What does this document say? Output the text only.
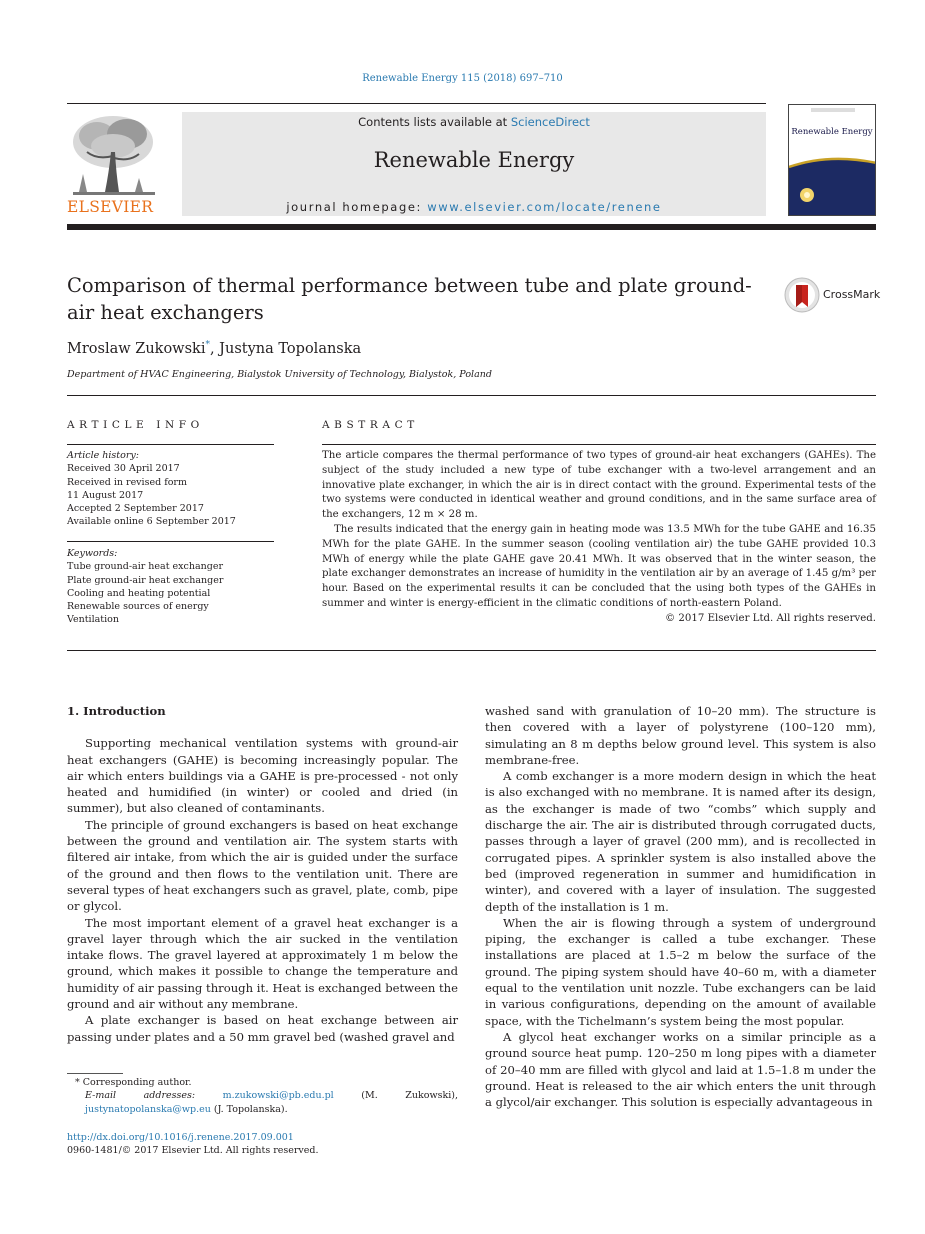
Renewable Energy 115 (2018) 697–710
ELSEVIER
Contents lists available at ScienceDirect
Renewable Energy
journal homepage: www.elsevier.com/locate/renene
Renewable Energy
Comparison of thermal performance between tube and plate ground-air heat exchangers
CrossMark
Mroslaw Zukowski*, Justyna Topolanska
Department of HVAC Engineering, Bialystok University of Technology, Bialystok, Poland
ARTICLE INFO
Article history:
Received 30 April 2017
Received in revised form
11 August 2017
Accepted 2 September 2017
Available online 6 September 2017
Keywords:
Tube ground-air heat exchanger
Plate ground-air heat exchanger
Cooling and heating potential
Renewable sources of energy
Ventilation
ABSTRACT

The article compares the thermal performance of two types of ground-air heat exchangers (GAHEs). The subject of the study included a new type of tube exchanger with a two-level arrangement and an innovative plate exchanger, in which the air is in direct contact with the ground. Experimental tests of the two systems were conducted in identical weather and ground conditions, and in the same surface area of the exchangers, 12 m × 28 m.

The results indicated that the energy gain in heating mode was 13.5 MWh for the tube GAHE and 16.35 MWh for the plate GAHE. In the summer season (cooling ventilation air) the tube GAHE provided 10.3 MWh of energy while the plate GAHE gave 20.41 MWh. It was observed that in the winter season, the plate exchanger demonstrates an increase of humidity in the ventilation air by an average of 1.45 g/m³ per hour. Based on the experimental results it can be concluded that the using both types of the GAHEs in summer and winter is energy-efficient in the climatic conditions of north-eastern Poland.

© 2017 Elsevier Ltd. All rights reserved.

1. Introduction

Supporting mechanical ventilation systems with ground-air heat exchangers (GAHE) is becoming increasingly popular. The air which enters buildings via a GAHE is pre-processed - not only heated and humidified (in winter) or cooled and dried (in summer), but also cleaned of contaminants.

The principle of ground exchangers is based on heat exchange between the ground and ventilation air. The system starts with filtered air intake, from which the air is guided under the surface of the ground and then flows to the ventilation unit. There are several types of heat exchangers such as gravel, plate, comb, pipe or glycol.

The most important element of a gravel heat exchanger is a gravel layer through which the air sucked in the ventilation intake flows. The gravel layered at approximately 1 m below the ground, which makes it possible to change the temperature and humidity of air passing through it. Heat is exchanged between the ground and air without any membrane.

A plate exchanger is based on heat exchange between air passing under plates and a 50 mm gravel bed (washed gravel and

washed sand with granulation of 10–20 mm). The structure is then covered with a layer of polystyrene (100–120 mm), simulating an 8 m depths below ground level. This system is also membrane-free.

A comb exchanger is a more modern design in which the heat is also exchanged with no membrane. It is named after its design, as the exchanger is made of two “combs” which supply and discharge the air. The air is distributed through corrugated ducts, passes through a layer of gravel (200 mm), and is recollected in corrugated pipes. A sprinkler system is also installed above the bed (improved regeneration in summer and humidification in winter), and covered with a layer of insulation. The suggested depth of the installation is 1 m.

When the air is flowing through a system of underground piping, the exchanger is called a tube exchanger. These installations are placed at 1.5–2 m below the surface of the ground. The piping system should have 40–60 m, with a diameter equal to the ventilation unit nozzle. Tube exchangers can be laid in various configurations, depending on the amount of available space, with the Tichelmann’s system being the most popular.

A glycol heat exchanger works on a similar principle as a ground source heat pump. 120–250 m long pipes with a diameter of 20–40 mm are filled with glycol and laid at 1.5–1.8 m under the ground. Heat is released to the air which enters the unit through a glycol/air exchanger. This solution is especially advantageous in

* Corresponding author.
E-mail addresses:	m.zukowski@pb.edu.pl (M. Zukowski), justynatopolanska@wp.eu (J. Topolanska).
http://dx.doi.org/10.1016/j.renene.2017.09.001
0960-1481/© 2017 Elsevier Ltd. All rights reserved.
